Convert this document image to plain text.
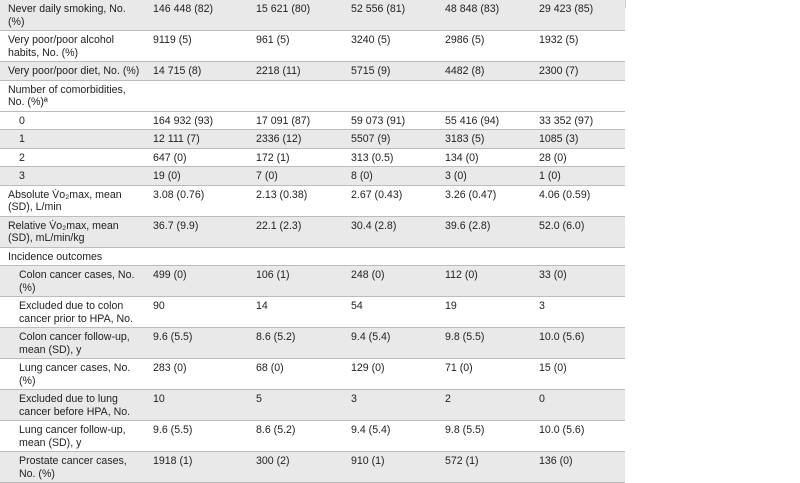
Never daily smoking, No. (%)	146 448 (82)	15 621 (80)	52 556 (81)	48 848 (83)	29 423 (85)
Very poor/poor alcohol habits, No. (%)	9119 (5)	961 (5)	3240 (5)	2986 (5)	1932 (5)
Very poor/poor diet, No. (%)	14 715 (8)	2218 (11)	5715 (9)	4482 (8)	2300 (7)
Number of comorbidities, No. (%)ª					
0	164 932 (93)	17 091 (87)	59 073 (91)	55 416 (94)	33 352 (97)
1	12 111 (7)	2336 (12)	5507 (9)	3183 (5)	1085 (3)
2	647 (0)	172 (1)	313 (0.5)	134 (0)	28 (0)
3	19 (0)	7 (0)	8 (0)	3 (0)	1 (0)
Absolute V̇o₂max, mean (SD), L/min	3.08 (0.76)	2.13 (0.38)	2.67 (0.43)	3.26 (0.47)	4.06 (0.59)
Relative V̇o₂max, mean (SD), mL/min/kg	36.7 (9.9)	22.1 (2.3)	30.4 (2.8)	39.6 (2.8)	52.0 (6.0)
Incidence outcomes					
Colon cancer cases, No. (%)	499 (0)	106 (1)	248 (0)	112 (0)	33 (0)
Excluded due to colon cancer prior to HPA, No.	90	14	54	19	3
Colon cancer follow-up, mean (SD), y	9.6 (5.5)	8.6 (5.2)	9.4 (5.4)	9.8 (5.5)	10.0 (5.6)
Lung cancer cases, No. (%)	283 (0)	68 (0)	129 (0)	71 (0)	15 (0)
Excluded due to lung cancer before HPA, No.	10	5	3	2	0
Lung cancer follow-up, mean (SD), y	9.6 (5.5)	8.6 (5.2)	9.4 (5.4)	9.8 (5.5)	10.0 (5.6)
Prostate cancer cases, No. (%)	1918 (1)	300 (2)	910 (1)	572 (1)	136 (0)
